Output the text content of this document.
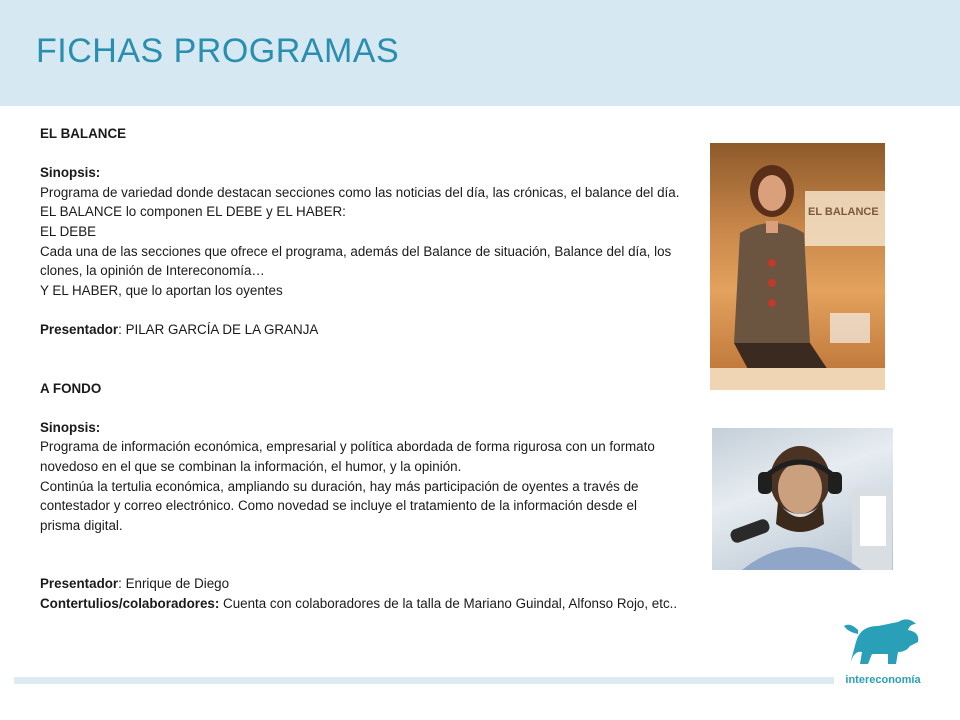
FICHAS PROGRAMAS

EL BALANCE

Sinopsis:

Programa de variedad donde destacan secciones como las noticias del día, las crónicas, el balance del día.

EL BALANCE lo componen EL DEBE y EL HABER:

EL DEBE

Cada una de las secciones que ofrece el programa, además del Balance de situación, Balance del día, los clones, la opinión de Intereconomía…

Y EL HABER, que lo aportan los oyentes

Presentador: PILAR GARCÍA DE LA GRANJA

A FONDO

Sinopsis:

Programa de información económica, empresarial y política abordada de forma rigurosa con un formato novedoso en el que se combinan la información, el humor, y la opinión.

Continúa la tertulia económica, ampliando su duración, hay más participación de oyentes a través de contestador y correo electrónico. Como novedad se incluye el tratamiento de la información desde el prisma digital.

Presentador: Enrique de Diego

Contertulios/colaboradores: Cuenta con colaboradores de la talla de Mariano Guindal, Alfonso Rojo, etc..

EL BALANCE
intereconomía
